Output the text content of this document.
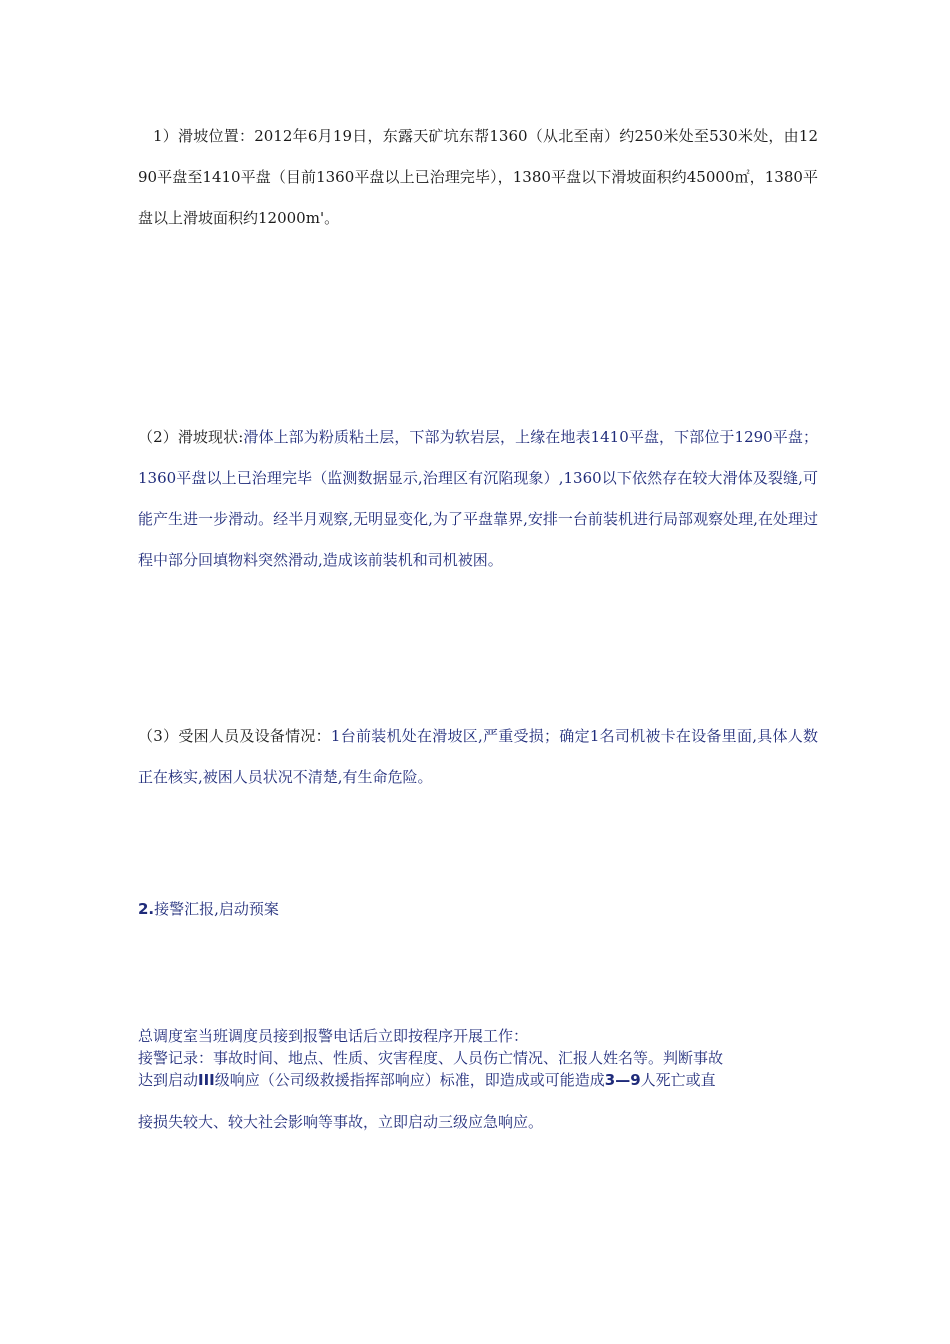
1）滑坡位置：2012年6月19日，东露天矿坑东帮1360（从北至南）约250米处至530米处，由1290平盘至1410平盘（目前1360平盘以上已治理完毕），1380平盘以下滑坡面积约45000㎡，1380平盘以上滑坡面积约12000m'。

（2）滑坡现状:滑体上部为粉质粘土层，下部为软岩层，上缘在地表1410平盘，下部位于1290平盘；1360平盘以上已治理完毕（监测数据显示,治理区有沉陷现象）,1360以下依然存在较大滑体及裂缝,可能产生进一步滑动。经半月观察,无明显变化,为了平盘靠界,安排一台前装机进行局部观察处理,在处理过程中部分回填物料突然滑动,造成该前装机和司机被困。

（3）受困人员及设备情况：1台前装机处在滑坡区,严重受损；确定1名司机被卡在设备里面,具体人数正在核实,被困人员状况不清楚,有生命危险。

2.接警汇报,启动预案

总调度室当班调度员接到报警电话后立即按程序开展工作：
接警记录：事故时间、地点、性质、灾害程度、人员伤亡情况、汇报人姓名等。判断事故
达到启动III级响应（公司级救援指挥部响应）标准，即造成或可能造成3—9人死亡或直
接损失较大、较大社会影响等事故，立即启动三级应急响应。
